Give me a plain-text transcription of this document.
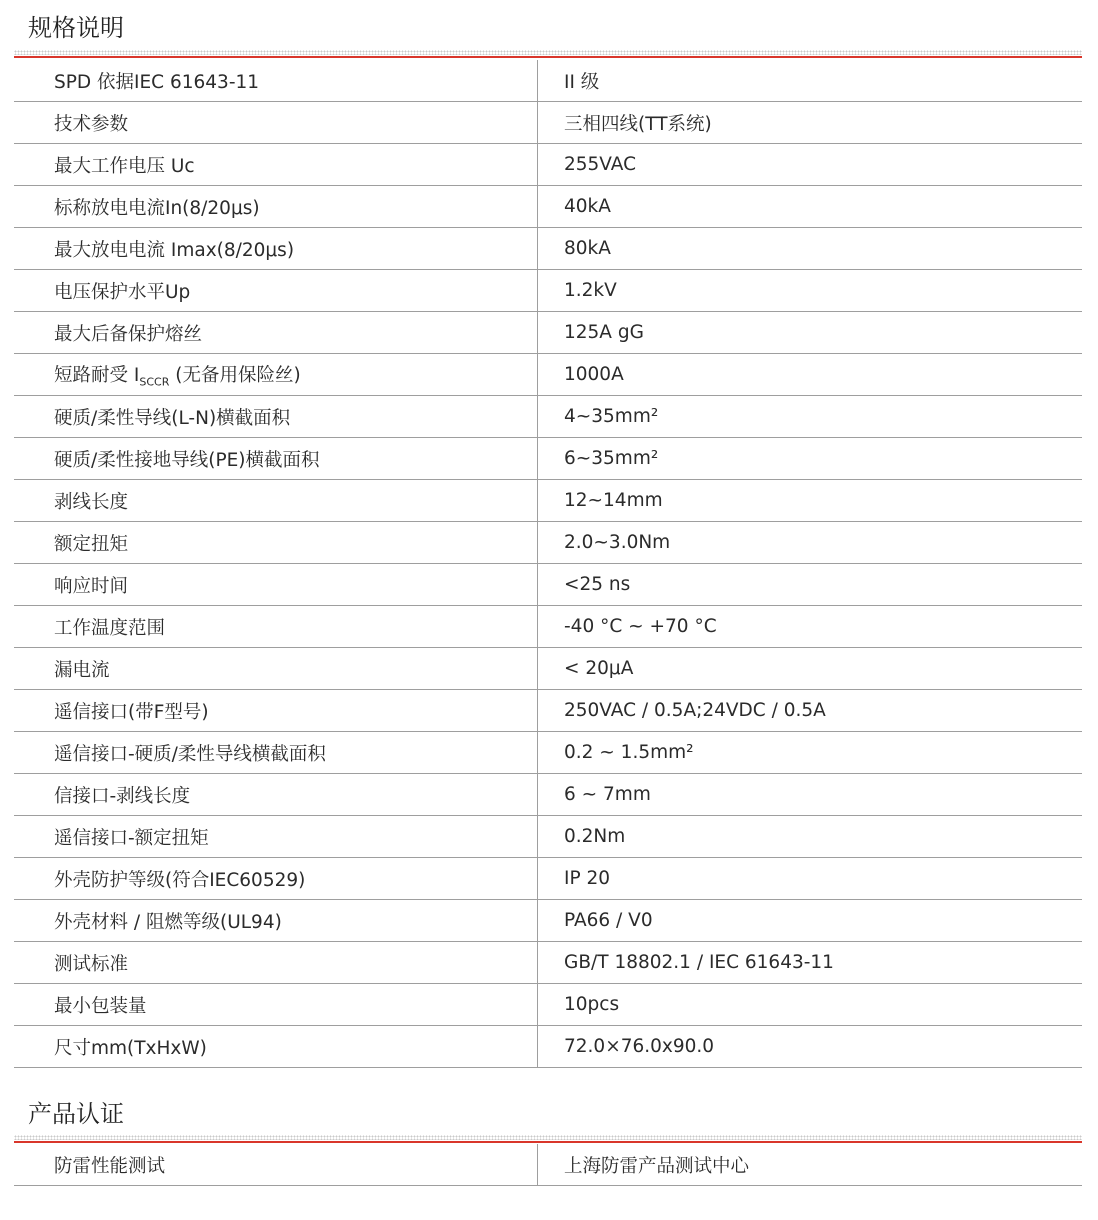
规格说明
SPD 依据IEC 61643-11	II 级
技术参数	三相四线(TT系统)
最大工作电压 Uc	255VAC
标称放电电流In(8/20μs)	40kA
最大放电电流 Imax(8/20μs)	80kA
电压保护水平Up	1.2kV
最大后备保护熔丝	125A gG
短路耐受 $I_{SCCR}$ (无备用保险丝)	1000A
硬质/柔性导线(L-N)横截面积	4~35mm²
硬质/柔性接地导线(PE)横截面积	6~35mm²
剥线长度	12~14mm
额定扭矩	2.0~3.0Nm
响应时间	<25 ns
工作温度范围	-40 °C ~ +70 °C
漏电流	< 20μA
遥信接口(带F型号)	250VAC / 0.5A;24VDC / 0.5A
遥信接口-硬质/柔性导线横截面积	0.2 ~ 1.5mm²
信接口-剥线长度	6 ~ 7mm
遥信接口-额定扭矩	0.2Nm
外壳防护等级(符合IEC60529)	IP 20
外壳材料 / 阻燃等级(UL94)	PA66 / V0
测试标准	GB/T 18802.1 / IEC 61643-11
最小包装量	10pcs
尺寸mm(TxHxW)	72.0×76.0x90.0
产品认证
防雷性能测试	上海防雷产品测试中心
